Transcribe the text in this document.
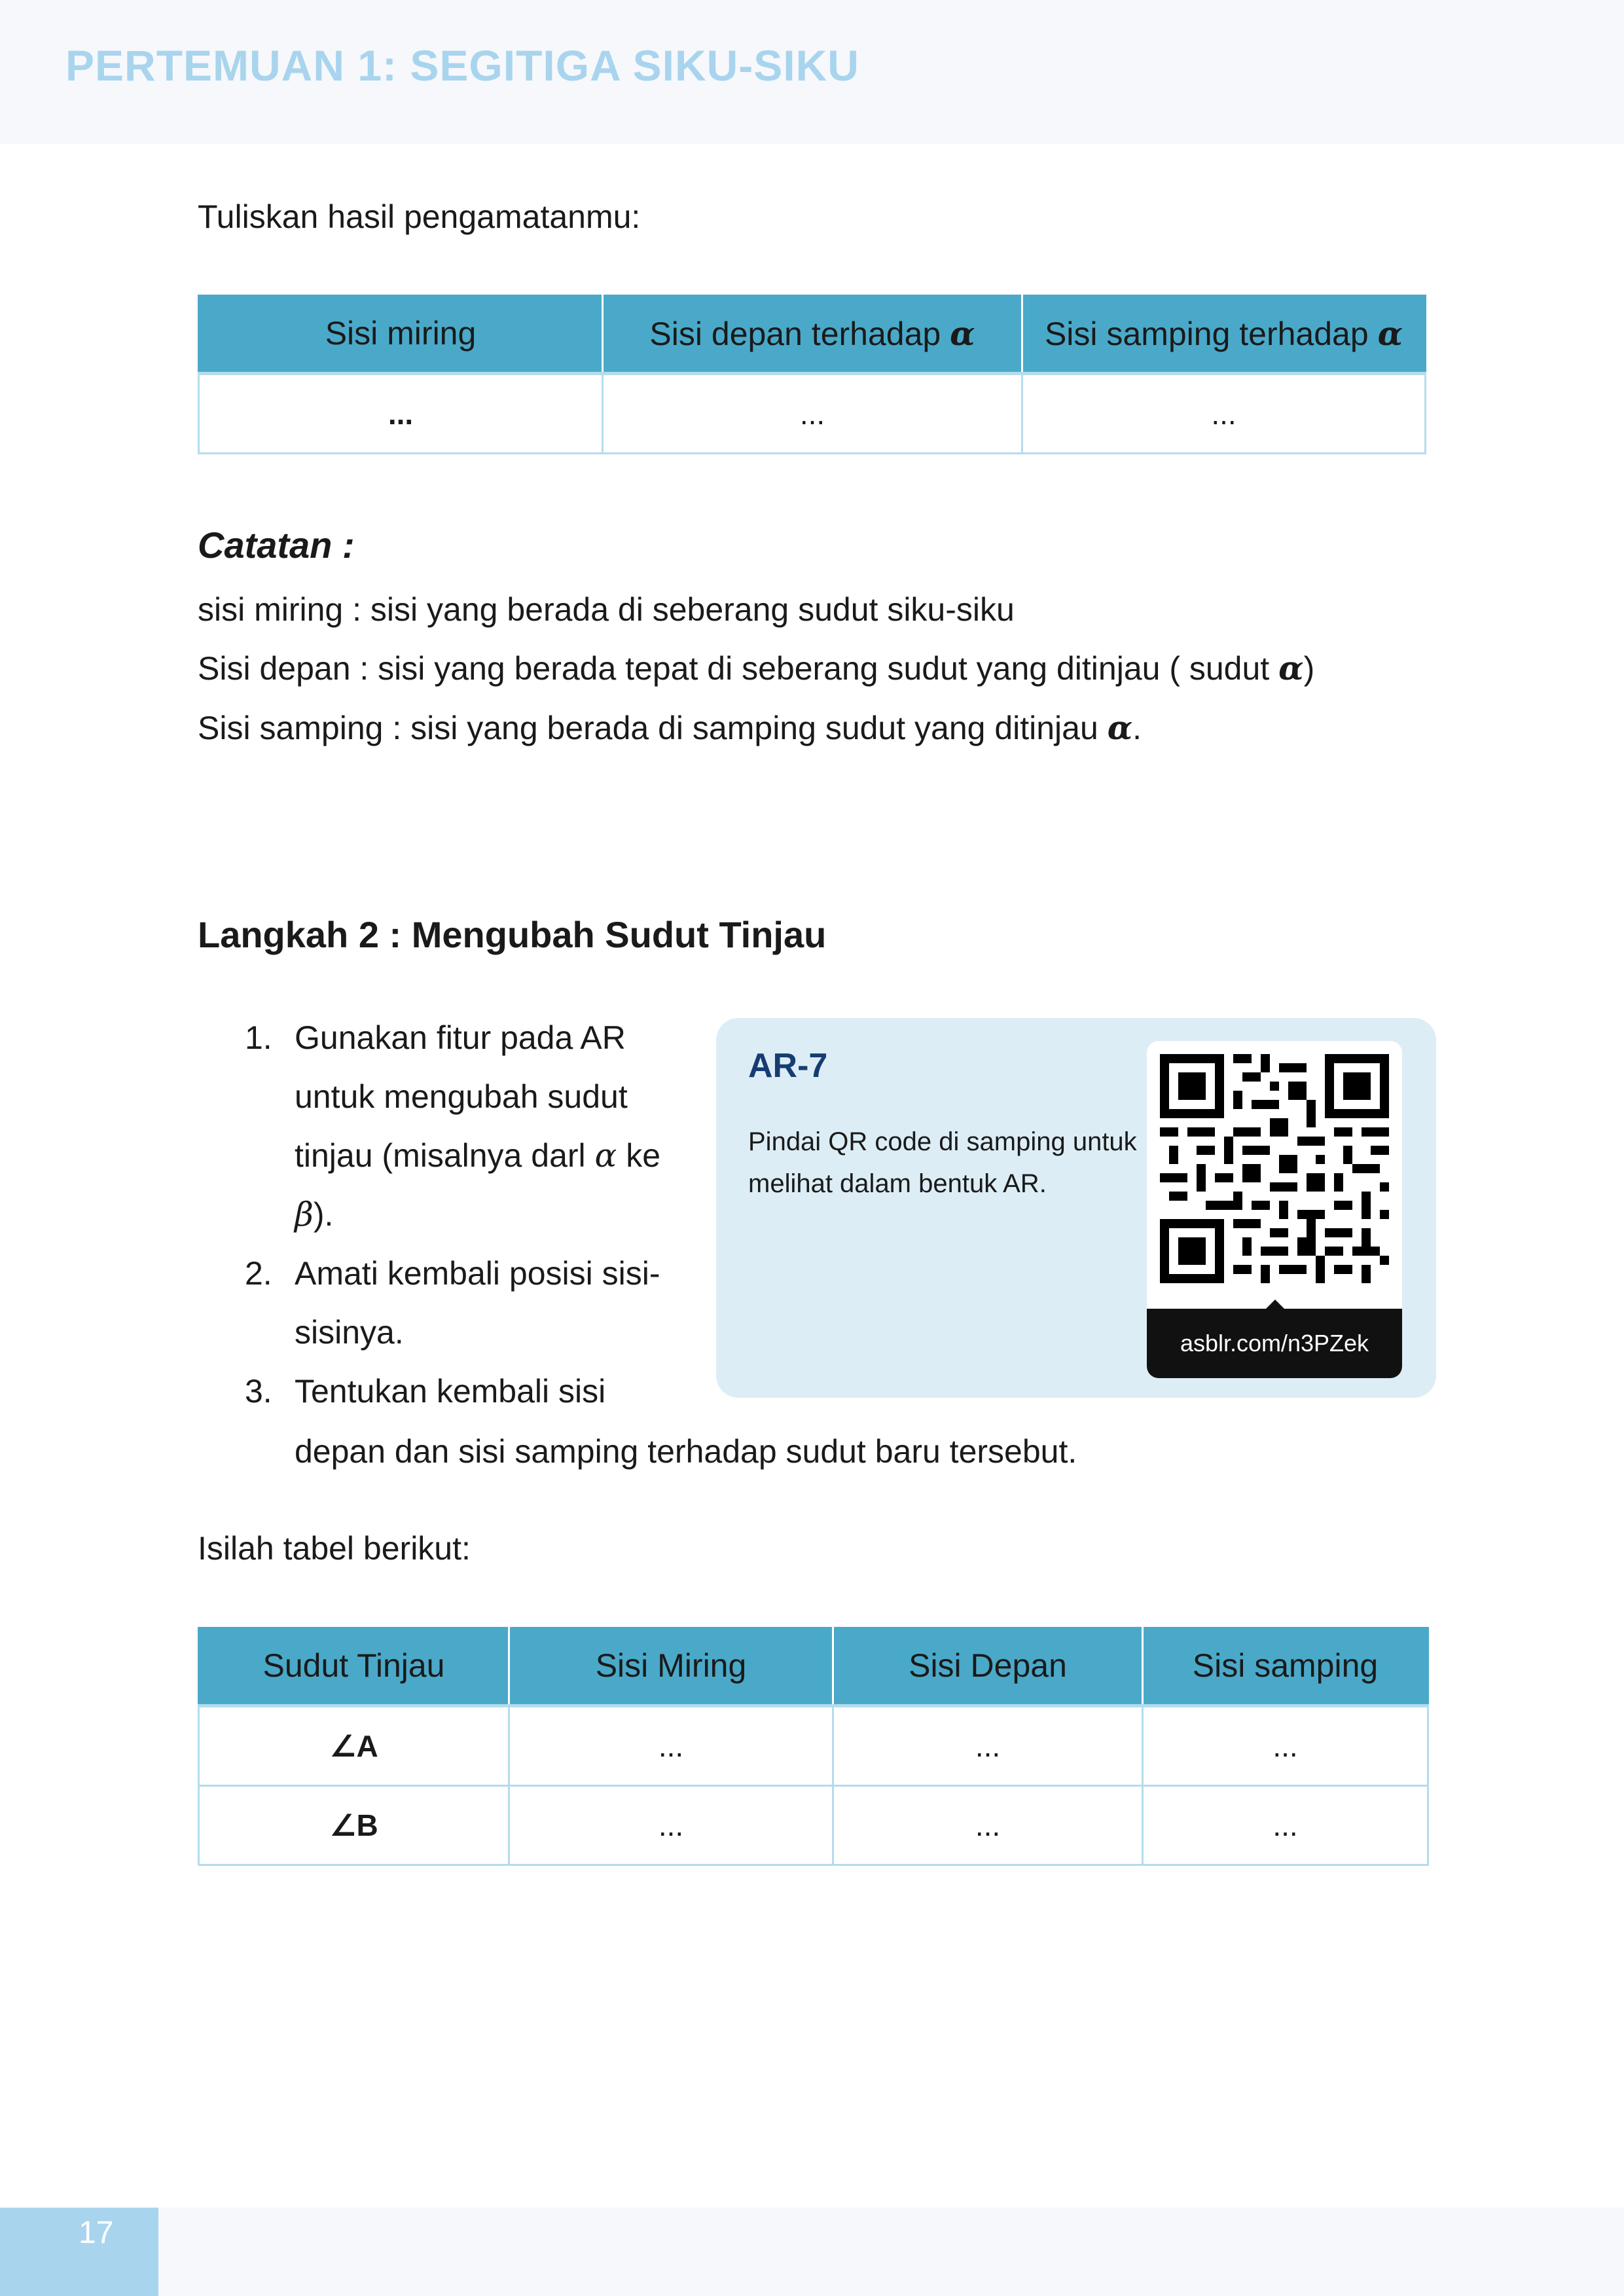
PERTEMUAN 1: SEGITIGA SIKU-SIKU
Tuliskan hasil pengamatanmu:
Sisi miring	Sisi depan terhadap α	Sisi samping terhadap α
...	...	...
Catatan :
sisi miring : sisi yang berada di seberang sudut siku-siku
Sisi depan : sisi yang berada tepat di seberang sudut yang ditinjau ( sudut α)
Sisi samping : sisi yang berada di samping sudut yang ditinjau α.
Langkah 2 : Mengubah Sudut Tinjau
1. Gunakan fitur pada AR
untuk mengubah sudut
tinjau (misalnya darl α ke
β).
2. Amati kembali posisi sisi-
sisinya.
3. Tentukan kembali sisi
depan dan sisi samping terhadap sudut baru tersebut.
AR-7
Pindai QR code di samping untuk melihat dalam bentuk AR.
asblr.com/n3PZek
Isilah tabel berikut:
Sudut Tinjau	Sisi Miring	Sisi Depan	Sisi samping
∠A	...	...	...
∠B	...	...	...
17
